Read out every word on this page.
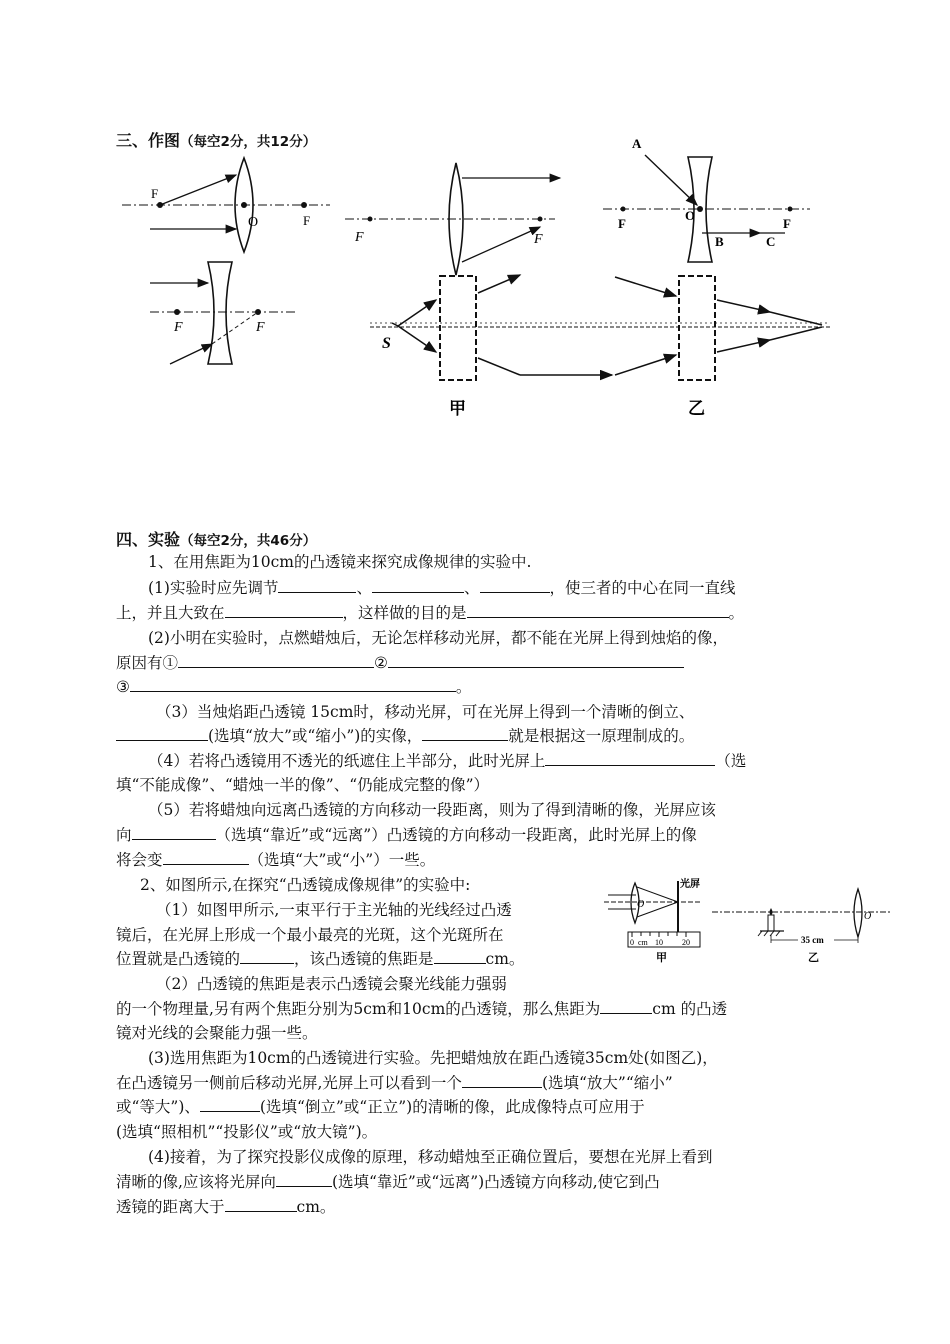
三、作图（每空2分，共12分）
F
O	F
F	F
F	F
A
O
F	F
B	C
S
甲	乙
四、实验（每空2分，共46分）
1、在用焦距为10cm的凸透镜来探究成像规律的实验中.
(1)实验时应先调节	、	、	，使三者的中心在同一直线
上，并且大致在	，这样做的目的是	。
(2)小明在实验时，点燃蜡烛后，无论怎样移动光屏，都不能在光屏上得到烛焰的像，
原因有①	②
③	。
（3）当烛焰距凸透镜 15cm时，移动光屏，可在光屏上得到一个清晰的倒立、
(选填“放大”或“缩小”)的实像，	就是根据这一原理制成的。
（4）若将凸透镜用不透光的纸遮住上半部分，此时光屏上	（选
填“不能成像”、“蜡烛一半的像”、“仍能成完整的像”）
（5）若将蜡烛向远离凸透镜的方向移动一段距离，则为了得到清晰的像，光屏应该
向	（选填“靠近”或“远离”）凸透镜的方向移动一段距离，此时光屏上的像
将会变	（选填“大”或“小”）一些。
2、如图所示,在探究“凸透镜成像规律”的实验中:
（1）如图甲所示,一束平行于主光轴的光线经过凸透
镜后，在光屏上形成一个最小最亮的光斑，这个光斑所在
位置就是凸透镜的	，该凸透镜的焦距是	cm。
（2）凸透镜的焦距是表示凸透镜会聚光线能力强弱
的一个物理量,另有两个焦距分别为5cm和10cm的凸透镜，那么焦距为	cm 的凸透
镜对光线的会聚能力强一些。
(3)选用焦距为10cm的凸透镜进行实验。先把蜡烛放在距凸透镜35cm处(如图乙)，
在凸透镜另一侧前后移动光屏,光屏上可以看到一个	(选填“放大”“缩小”
或“等大”)、	(选填“倒立”或“正立”)的清晰的像，此成像特点可应用于
(选填“照相机”“投影仪”或“放大镜”)。
(4)接着，为了探究投影仪成像的原理，移动蜡烛至正确位置后，要想在光屏上看到
清晰的像,应该将光屏向	(选填“靠近”或“远离”)凸透镜方向移动,使它到凸
透镜的距离大于	cm。
光屏
O
0 cm 10 20
甲
O
35 cm
乙
